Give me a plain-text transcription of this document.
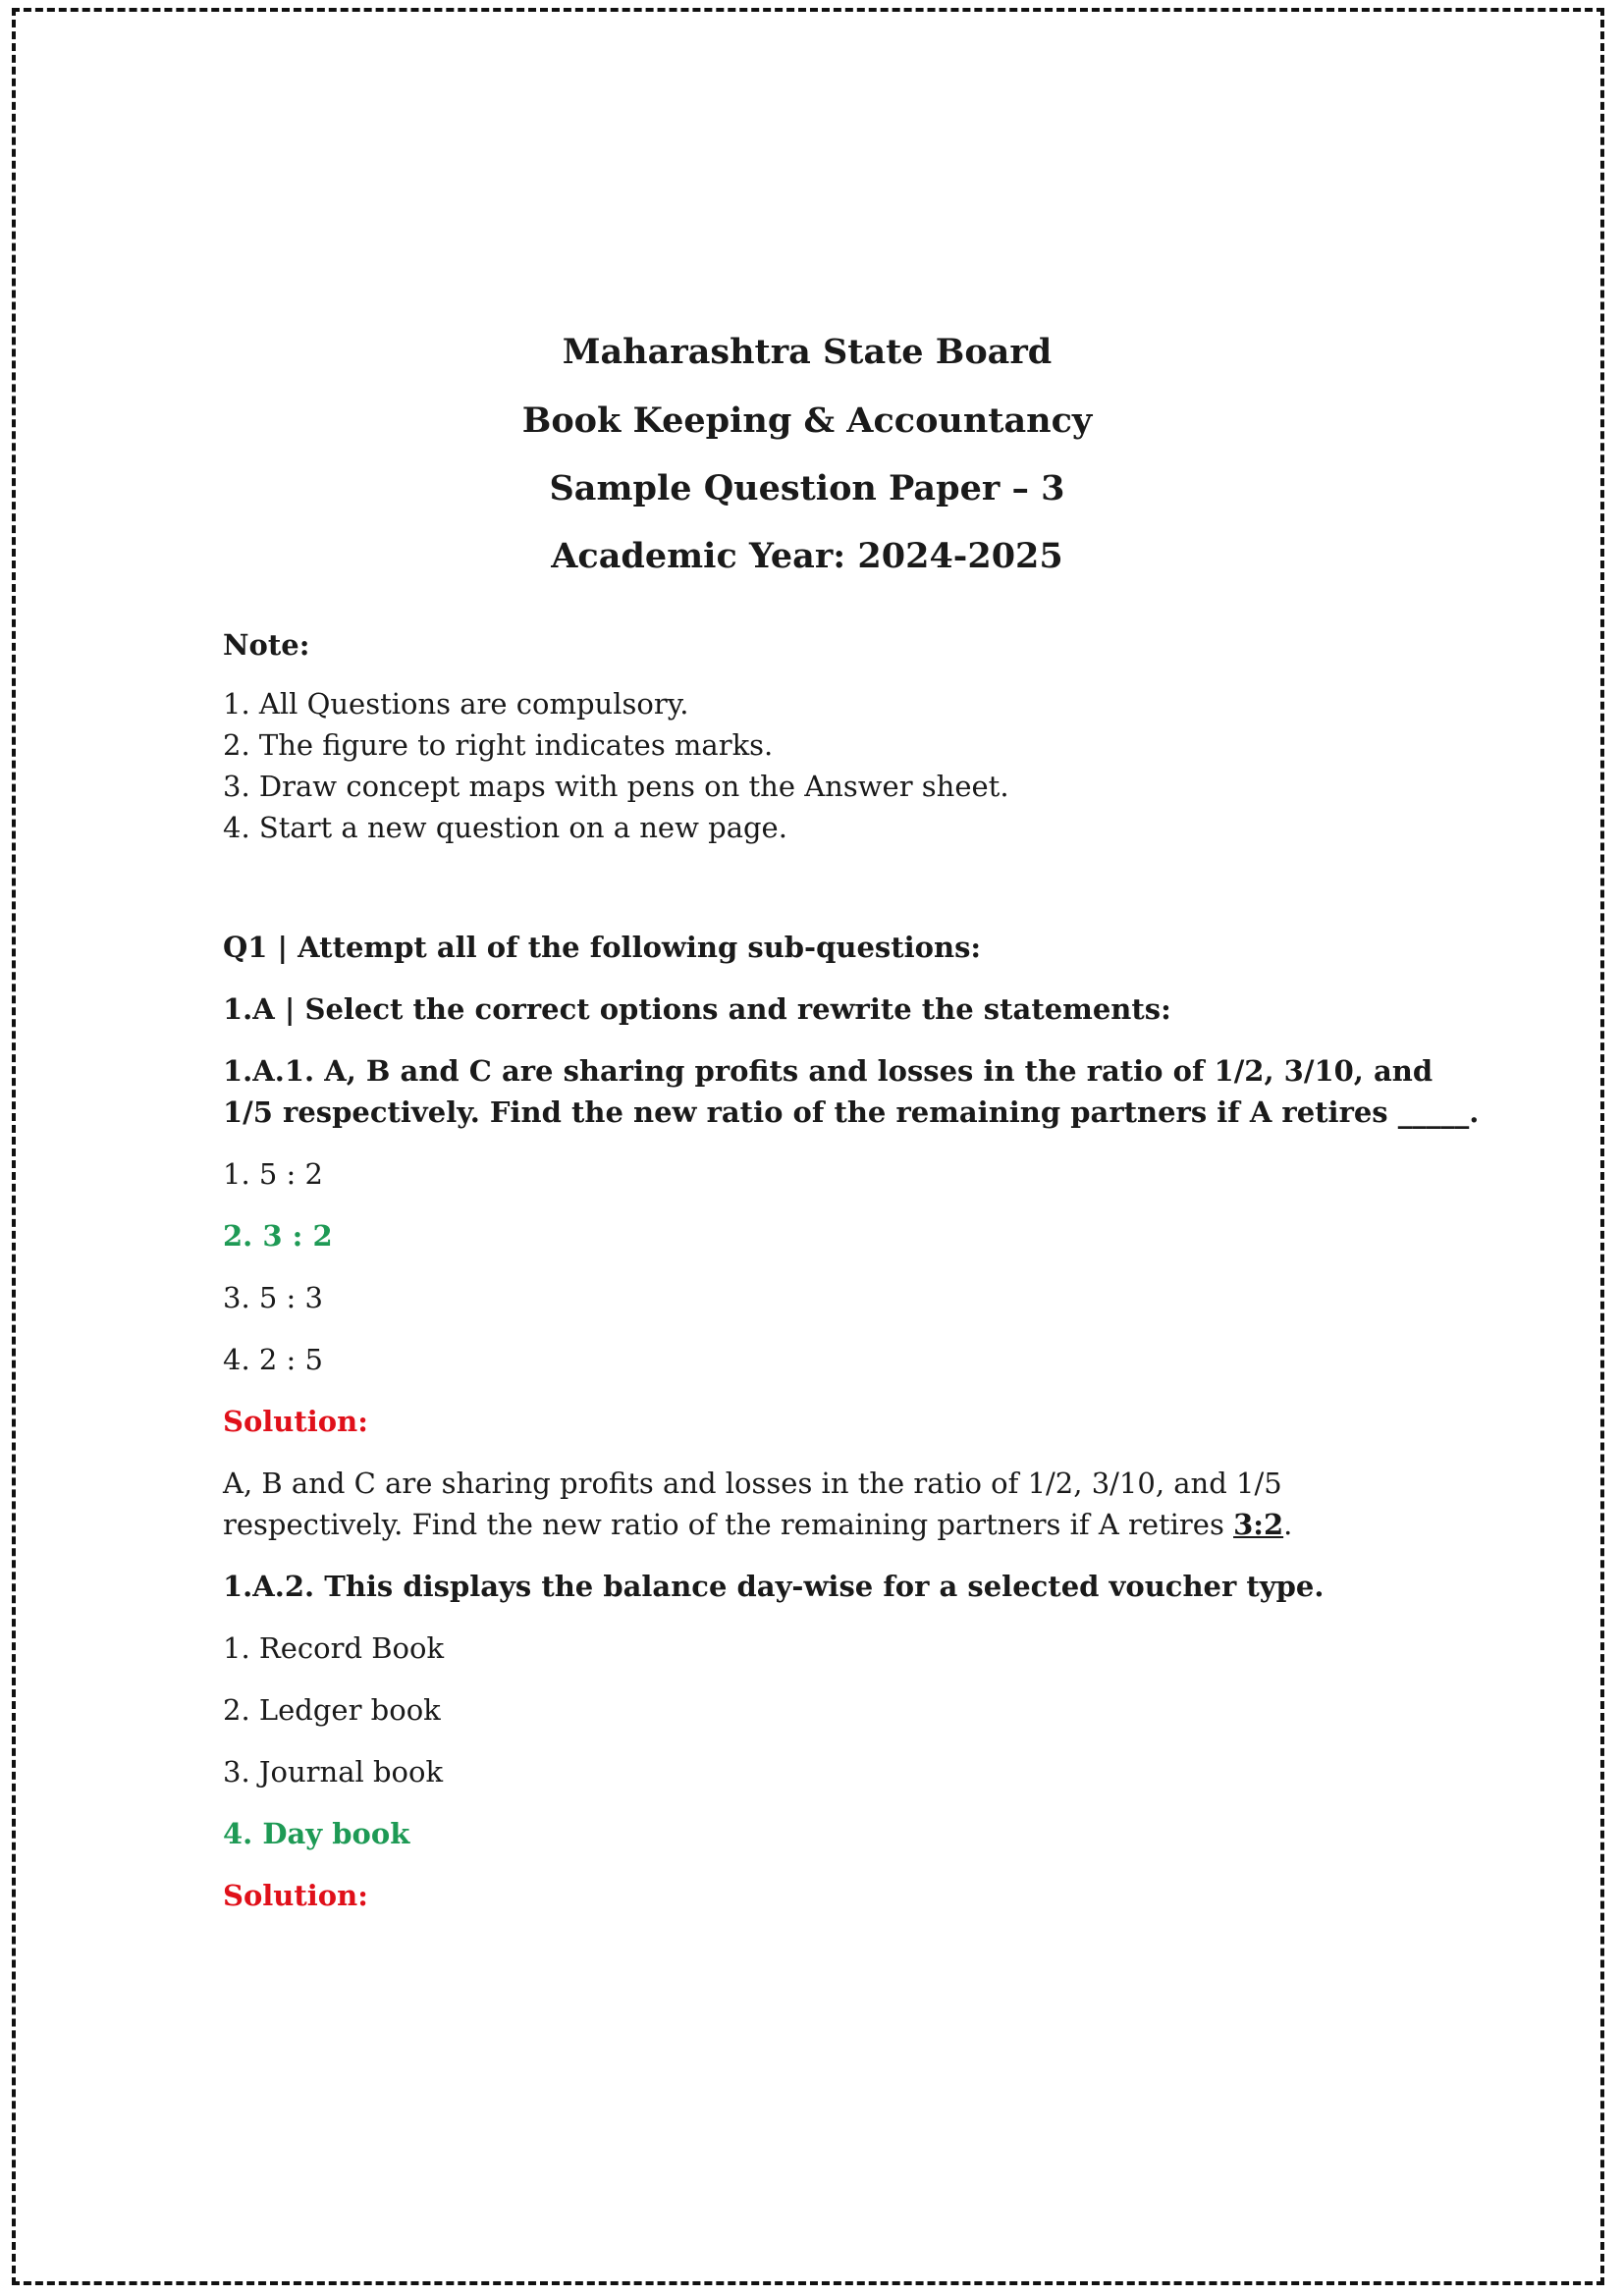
Maharashtra State Board
Book Keeping & Accountancy
Sample Question Paper – 3
Academic Year: 2024-2025
Note:
1. All Questions are compulsory.
2. The figure to right indicates marks.
3. Draw concept maps with pens on the Answer sheet.
4. Start a new question on a new page.
Q1 | Attempt all of the following sub-questions:
1.A | Select the correct options and rewrite the statements:
1.A.1. A, B and C are sharing profits and losses in the ratio of 1/2, 3/10, and
1/5 respectively. Find the new ratio of the remaining partners if A retires _____.
1. 5 : 2
2. 3 : 2
3. 5 : 3
4. 2 : 5
Solution:
A, B and C are sharing profits and losses in the ratio of 1/2, 3/10, and 1/5
respectively. Find the new ratio of the remaining partners if A retires 3:2.
1.A.2. This displays the balance day-wise for a selected voucher type.
1. Record Book
2. Ledger book
3. Journal book
4. Day book
Solution:
